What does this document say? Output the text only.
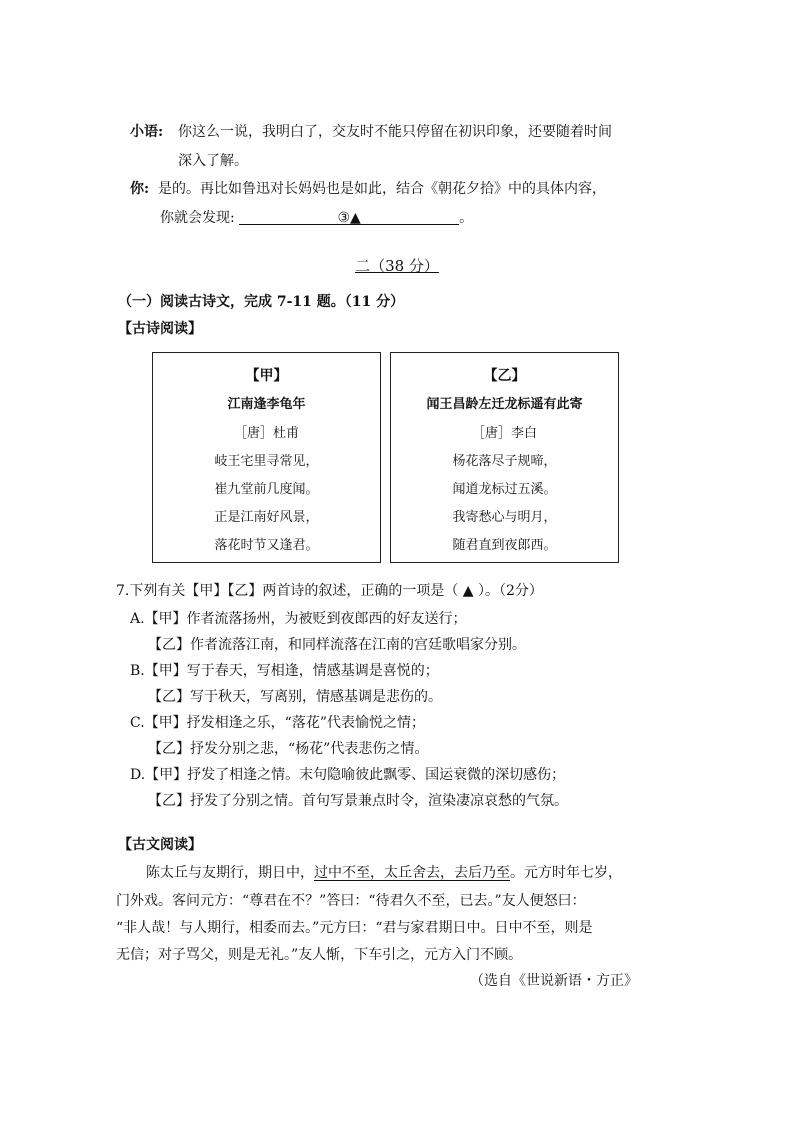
小语: 你这么一说，我明白了，交友时不能只停留在初识印象，还要随着时间
深入了解。
你: 是的。再比如鲁迅对长妈妈也是如此，结合《朝花夕拾》中的具体内容，
你就会发现:	③▲	。
二（38 分）
（一）阅读古诗文，完成 7-11 题。（11 分）
【古诗阅读】
【甲】
江南逢李龟年
［唐］杜甫
岐王宅里寻常见，
崔九堂前几度闻。
正是江南好风景，
落花时节又逢君。
【乙】
闻王昌龄左迁龙标遥有此寄
［唐］李白
杨花落尽子规啼，
闻道龙标过五溪。
我寄愁心与明月，
随君直到夜郎西。
7.下列有关【甲】【乙】两首诗的叙述，正确的一项是（ ▲ ）。（2分）
A.【甲】作者流落扬州，为被贬到夜郎西的好友送行；
【乙】作者流落江南，和同样流落在江南的宫廷歌唱家分别。
B.【甲】写于春天，写相逢，情感基调是喜悦的；
【乙】写于秋天，写离别，情感基调是悲伤的。
C.【甲】抒发相逢之乐，“落花”代表愉悦之情；
【乙】抒发分别之悲，“杨花”代表悲伤之情。
D.【甲】抒发了相逢之情。末句隐喻彼此飘零、国运衰微的深切感伤；
【乙】抒发了分别之情。首句写景兼点时令，渲染凄凉哀愁的气氛。
【古文阅读】
陈太丘与友期行，期日中，过中不至，太丘舍去，去后乃至。元方时年七岁，
门外戏。客问元方：“尊君在不？”答曰：“待君久不至，已去。”友人便怒曰：
“非人哉！与人期行，相委而去。”元方曰：“君与家君期日中。日中不至，则是
无信；对子骂父，则是无礼。”友人惭，下车引之，元方入门不顾。
（选自《世说新语・方正》
